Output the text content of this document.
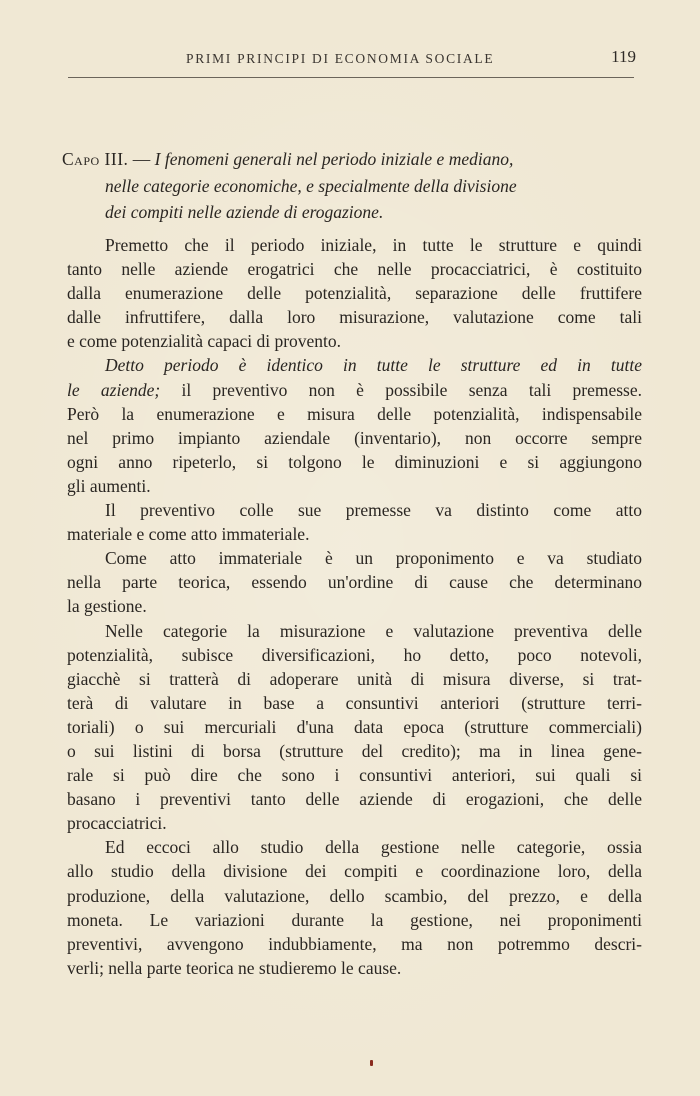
PRIMI PRINCIPI DI ECONOMIA SOCIALE	119
Capo III. — I fenomeni generali nel periodo iniziale e mediano,
nelle categorie economiche, e specialmente della divisione
dei compiti nelle aziende di erogazione.
Premetto che il periodo iniziale, in tutte le strutture e quindi
tanto nelle aziende erogatrici che nelle procacciatrici, è costituito
dalla enumerazione delle potenzialità, separazione delle fruttifere
dalle infruttifere, dalla loro misurazione, valutazione come tali
e come potenzialità capaci di provento.
Detto periodo è identico in tutte le strutture ed in tutte
le aziende; il preventivo non è possibile senza tali premesse.
Però la enumerazione e misura delle potenzialità, indispensabile
nel primo impianto aziendale (inventario), non occorre sempre
ogni anno ripeterlo, si tolgono le diminuzioni e si aggiungono
gli aumenti.
Il preventivo colle sue premesse va distinto come atto
materiale e come atto immateriale.
Come atto immateriale è un proponimento e va studiato
nella parte teorica, essendo un'ordine di cause che determinano
la gestione.
Nelle categorie la misurazione e valutazione preventiva delle
potenzialità, subisce diversificazioni, ho detto, poco notevoli,
giacchè si tratterà di adoperare unità di misura diverse, si trat-
terà di valutare in base a consuntivi anteriori (strutture terri-
toriali) o sui mercuriali d'una data epoca (strutture commerciali)
o sui listini di borsa (strutture del credito); ma in linea gene-
rale si può dire che sono i consuntivi anteriori, sui quali si
basano i preventivi tanto delle aziende di erogazioni, che delle
procacciatrici.
Ed eccoci allo studio della gestione nelle categorie, ossia
allo studio della divisione dei compiti e coordinazione loro, della
produzione, della valutazione, dello scambio, del prezzo, e della
moneta. Le variazioni durante la gestione, nei proponimenti
preventivi, avvengono indubbiamente, ma non potremmo descri-
verli; nella parte teorica ne studieremo le cause.
